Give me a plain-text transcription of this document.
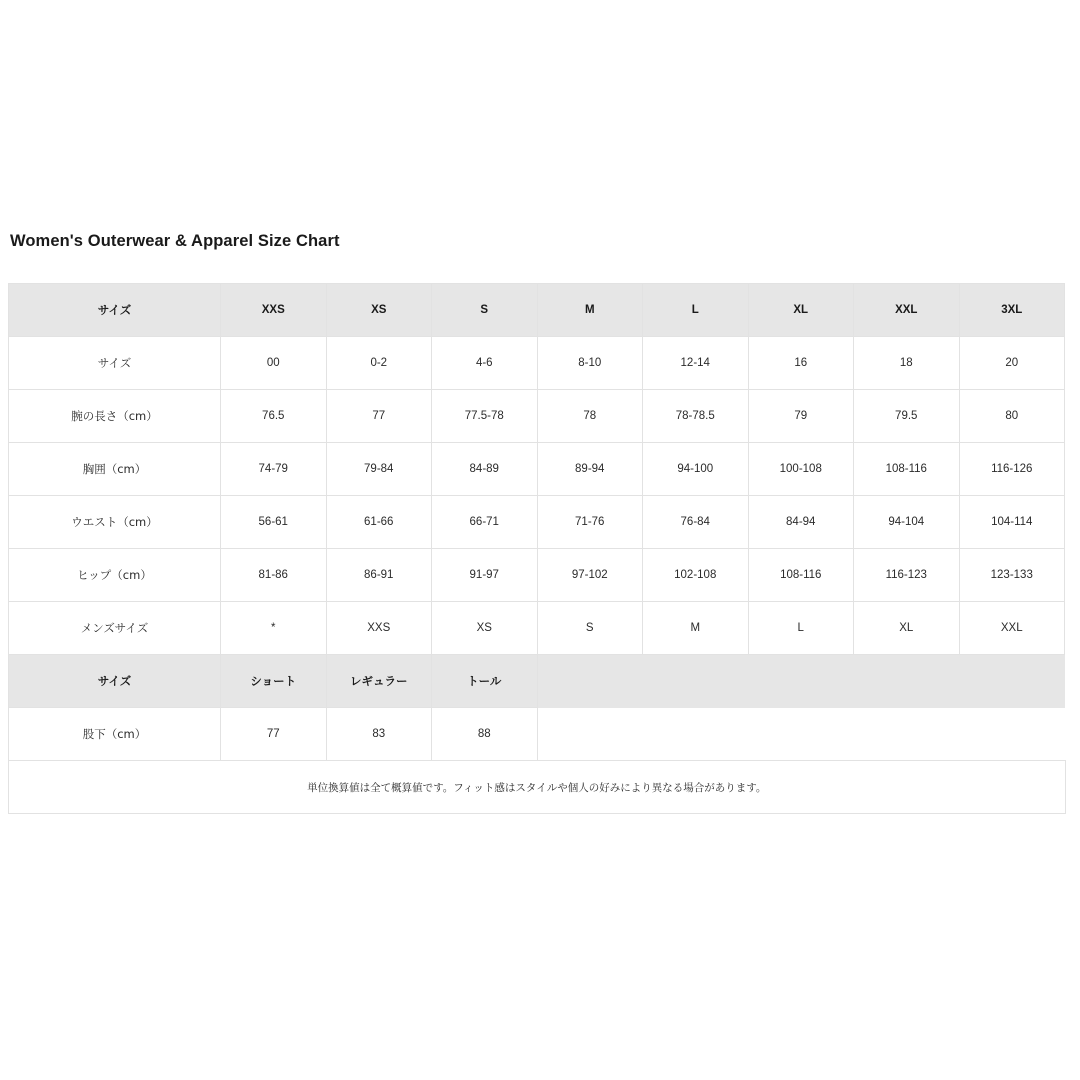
Women's Outerwear & Apparel Size Chart
サイズ	XXS	XS	S	M	L	XL	XXL	3XL
サイズ	00	0-2	4-6	8-10	12-14	16	18	20
腕の長さ（cm）	76.5	77	77.5-78	78	78-78.5	79	79.5	80
胸囲（cm）	74-79	79-84	84-89	89-94	94-100	100-108	108-116	116-126
ウエスト（cm）	56-61	61-66	66-71	71-76	76-84	84-94	94-104	104-114
ヒップ（cm）	81-86	86-91	91-97	97-102	102-108	108-116	116-123	123-133
メンズサイズ	*	XXS	XS	S	M	L	XL	XXL
サイズ	ショート	レギュラー	トール	
股下（cm）	77	83	88	
単位換算値は全て概算値です。フィット感はスタイルや個人の好みにより異なる場合があります。				
